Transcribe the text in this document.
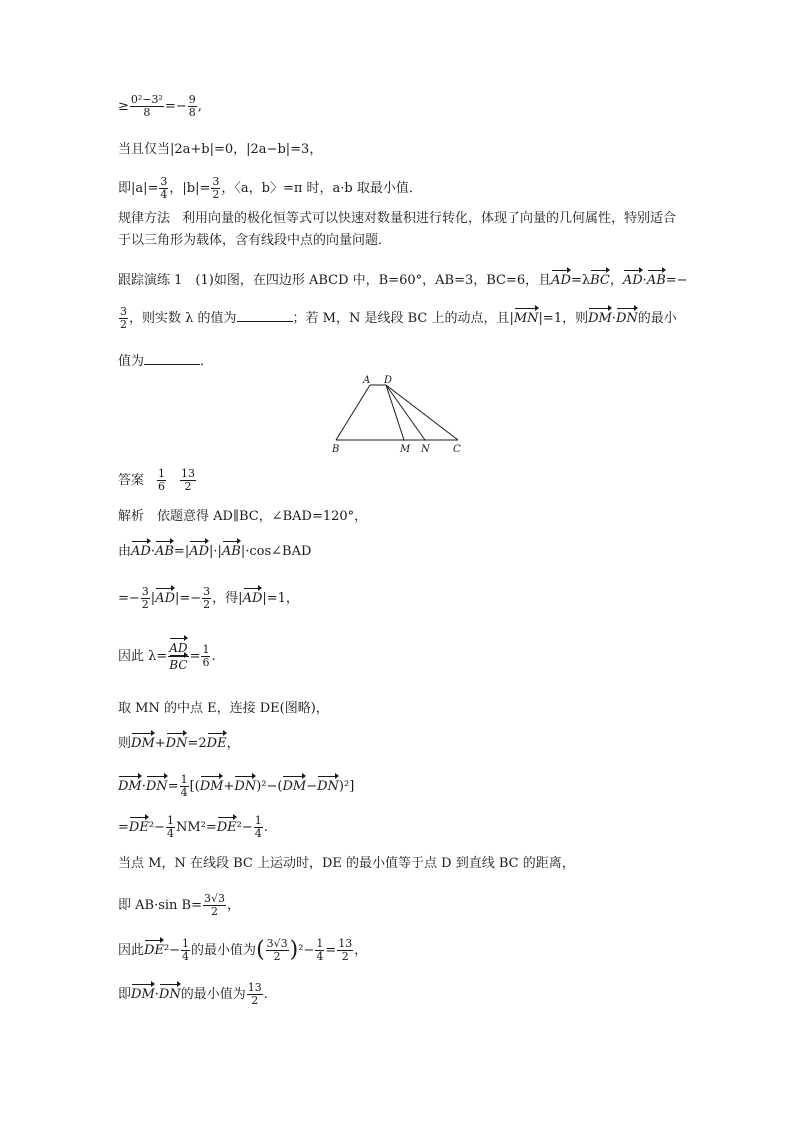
≥ $\frac{\text{0²−3²}}{8} =- \frac{9}{8}$ ,
当且仅当|2a+b|=0，|2a−b|=3，
即$|a|= \frac{3}{4}$ ，$|b|= \frac{3}{2}$ ，〈a，b〉=π 时，a·b 取最小值．
规律方法 利用向量的极化恒等式可以快速对数量积进行转化，体现了向量的几何属性，特别适合于以三角形为载体，含有线段中点的向量问题．
跟踪演练 1　(1)如图，在四边形 ABCD 中，B=60°，AB=3，BC=6，且AD=λBC，AD·AB=−
$\frac{3}{2}$ ，则实数 λ 的值为	；若 M，N 是线段 BC 上的动点，且|MN|=1，则DM·DN的最小
值为	．
A D
B	M N C
答案 $\frac{1}{6} \frac{13}{2}$
解析　依题意得 AD∥BC，∠BAD=120°，
由AD·AB=|AD|·|AB|·cos∠BAD
=− $\frac{3}{2} |AD|=- \frac{3}{2}$ ，得|AD|=1，
因此 $\lambda= \frac{AD}{BC} = \frac{1}{6}$ .
取 MN 的中点 E，连接 DE(图略)，
则DM+DN=2DE，
$DM\cdot DN= \frac{1}{4} [(DM+DN)^2-(DM-DN)^2]$
$=DE^2- \frac{1}{4} NM^2=DE^2- \frac{1}{4}$ .
当点 M，N 在线段 BC 上运动时，DE 的最小值等于点 D 到直线 BC 的距离，
即 AB·sin $B= \frac{3√3}{2}$ ，
因此$DE^2- \frac{1}{4}$ 的最小值为( $\frac{3√3}{2} )^2- \frac{1}{4} = \frac{13}{2}$ ，
即DM·DN的最小值为 $\frac{13}{2}$ .
